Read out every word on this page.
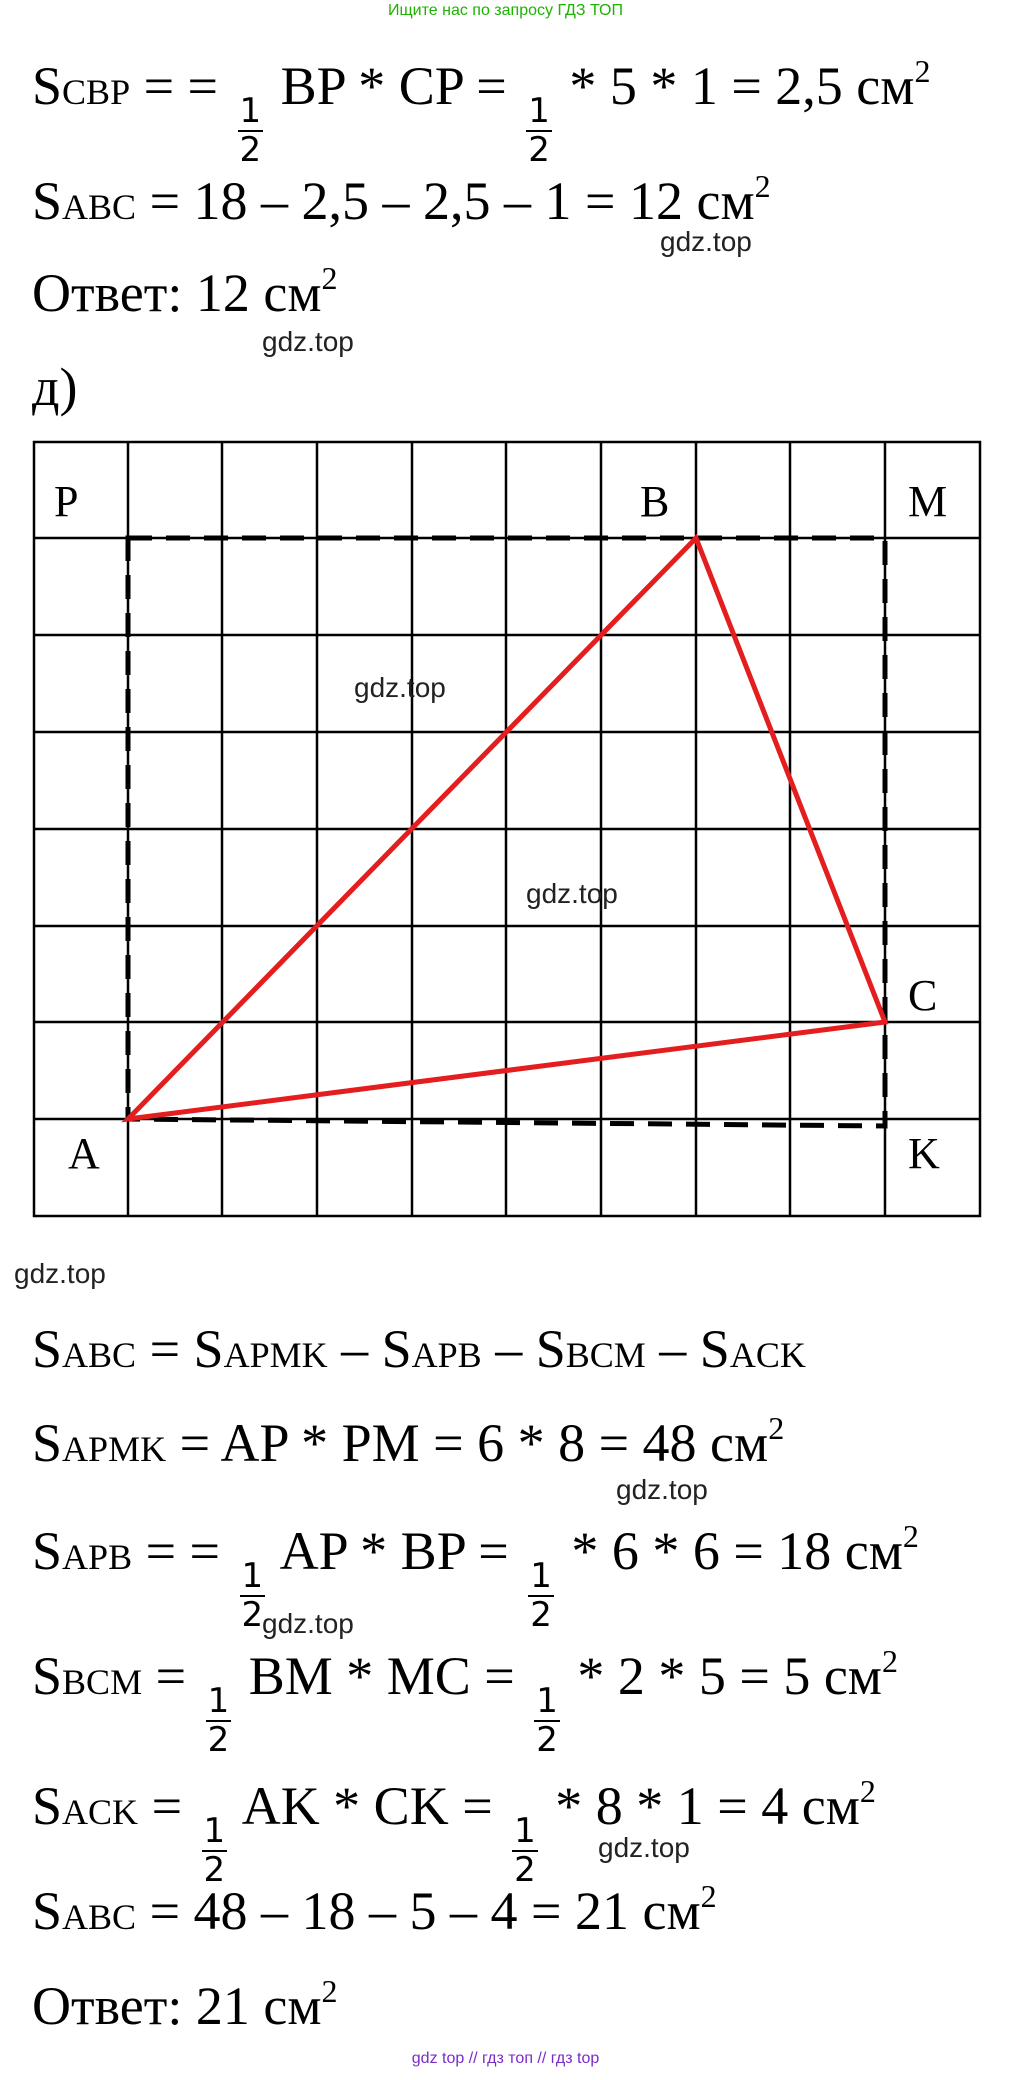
Ищите нас по запросу ГДЗ ТОП
SCBP = =
$\frac{1}{2}$
BP * CP =
$\frac{1}{2}$
* 5 * 1 = 2,5 $см^2$
SABC = 18 – 2,5 – 2,5 – 1 = 12 $см^2$
gdz.top
Ответ: 12 $см^2$
gdz.top
д)
P	B	M
C
A	K
gdz.top
gdz.top
gdz.top
SABC = SAPMK – SAPB – SBCM – SACK
SAPMK = AP * PM = 6 * 8 = 48 $см^2$
gdz.top
SAPB = =
$\frac{1}{2}$
AP * BP =
$\frac{1}{2}$
* 6 * 6 = 18 $см^2$
gdz.top
SBCM =
$\frac{1}{2}$
BM * MC =
$\frac{1}{2}$
* 2 * 5 = 5 $см^2$
SACK =
$\frac{1}{2}$
AK * CK =
$\frac{1}{2}$
* 8 * 1 = 4 $см^2$
gdz.top
SABC = 48 – 18 – 5 – 4 = 21 $см^2$
Ответ: 21 $см^2$
gdz top // гдз топ // гдз top
